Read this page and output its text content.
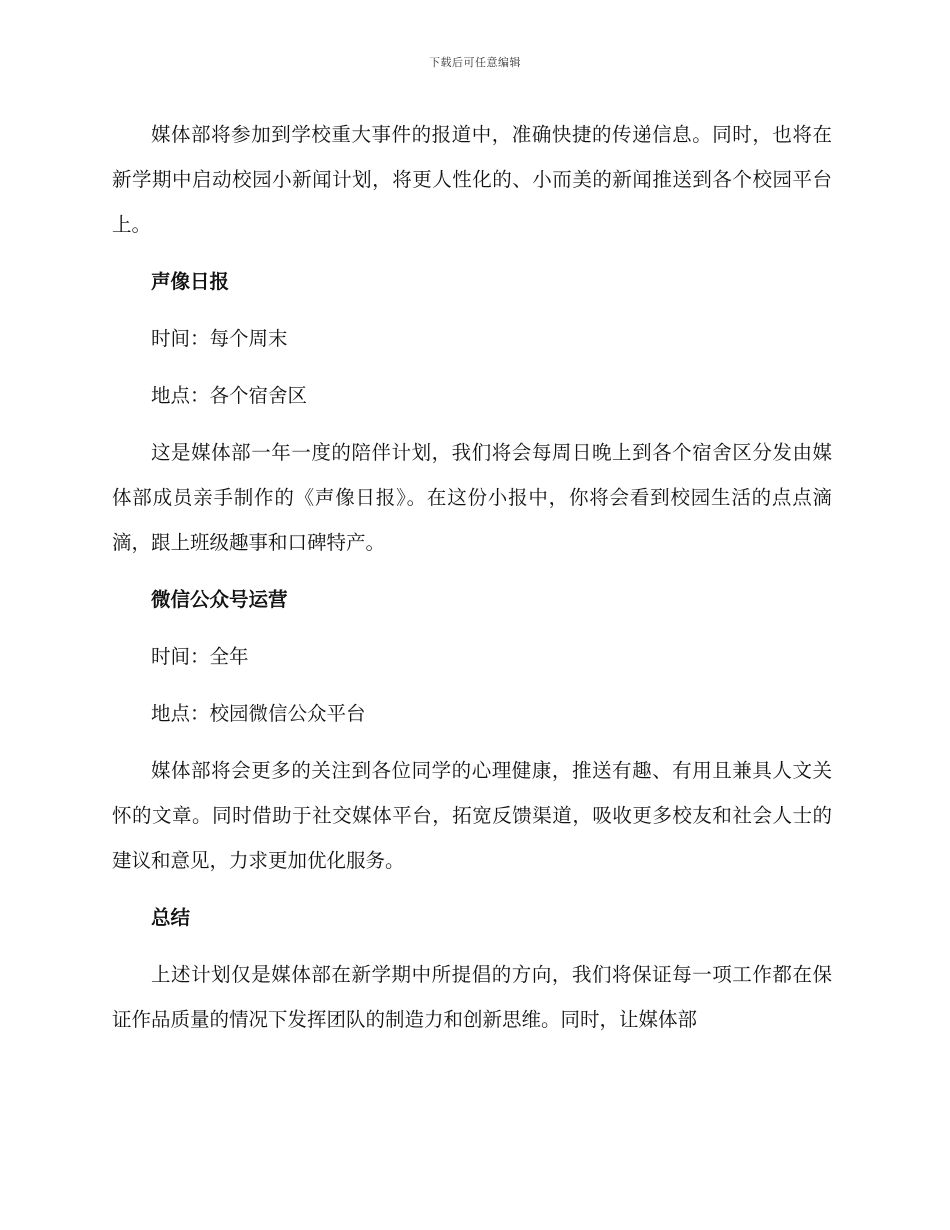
下载后可任意编辑

媒体部将参加到学校重大事件的报道中，准确快捷的传递信息。同时，也将在新学期中启动校园小新闻计划，将更人性化的、小而美的新闻推送到各个校园平台上。

声像日报
时间：每个周末
地点：各个宿舍区

这是媒体部一年一度的陪伴计划，我们将会每周日晚上到各个宿舍区分发由媒体部成员亲手制作的《声像日报》。在这份小报中，你将会看到校园生活的点点滴滴，跟上班级趣事和口碑特产。

微信公众号运营
时间：全年
地点：校园微信公众平台

媒体部将会更多的关注到各位同学的心理健康，推送有趣、有用且兼具人文关怀的文章。同时借助于社交媒体平台，拓宽反馈渠道，吸收更多校友和社会人士的建议和意见，力求更加优化服务。

总结

上述计划仅是媒体部在新学期中所提倡的方向，我们将保证每一项工作都在保证作品质量的情况下发挥团队的制造力和创新思维。同时，让媒体部
